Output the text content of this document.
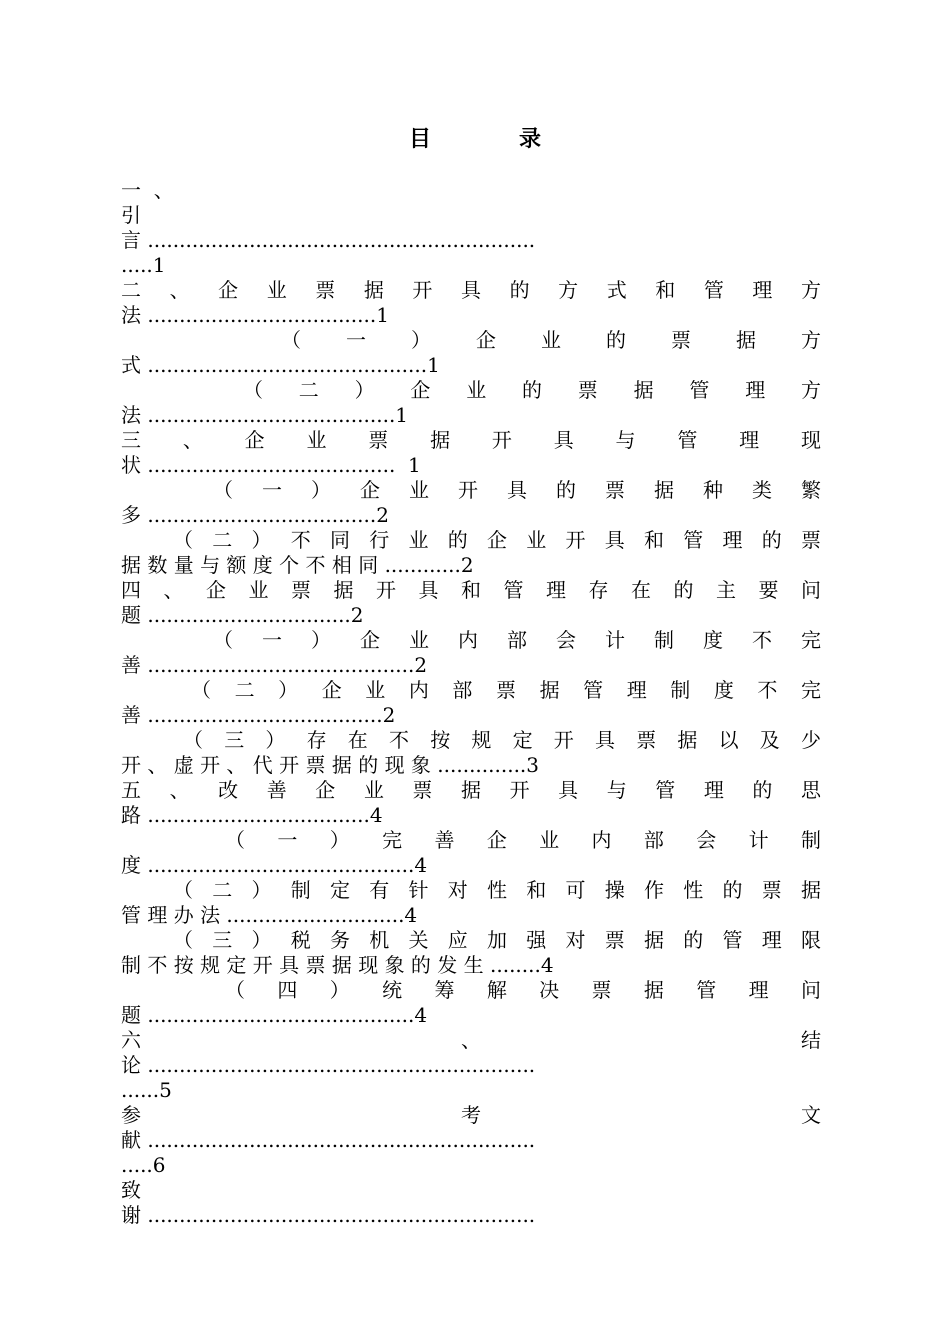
目	录
一  、
引
言 .............................................................
.....1
二 、 企 业 票 据 开 具 的 方 式 和 管 理 方
法 ....................................1
（ 一 ） 企 业 的 票 据 方
式 ............................................1
（ 二 ） 企 业 的 票 据 管 理 方
法 .......................................1
三 、 企 业 票 据 开 具 与 管 理 现
状 .......................................  1
（ 一 ） 企 业 开 具 的 票 据 种 类 繁
多 ....................................2
（ 二 ） 不 同 行 业 的 企 业 开 具 和 管 理 的 票
据 数 量 与 额 度 个 不 相 同 ............2
四 、 企 业 票 据 开 具 和 管 理 存 在 的 主 要 问
题 ................................2
（ 一 ） 企 业 内 部 会 计 制 度 不 完
善 ..........................................2
（ 二 ） 企 业 内 部 票 据 管 理 制 度 不 完
善 .....................................2
（ 三 ） 存 在 不 按 规 定 开 具 票 据 以 及 少
开 、 虚 开 、 代 开 票 据 的 现 象 ..............3
五 、 改 善 企 业 票 据 开 具 与 管 理 的 思
路 ...................................4
（ 一 ） 完 善 企 业 内 部 会 计 制
度 ..........................................4
（ 二 ） 制 定 有 针 对 性 和 可 操 作 性 的 票 据
管 理 办 法 ............................4
（ 三 ） 税 务 机 关 应 加 强 对 票 据 的 管 理 限
制 不 按 规 定 开 具 票 据 现 象 的 发 生 ........4
（ 四 ） 统 筹 解 决 票 据 管 理 问
题 ..........................................4
六 、 结
论 .............................................................
......5
参 考 文
献 .............................................................
.....6
致
谢 .............................................................
